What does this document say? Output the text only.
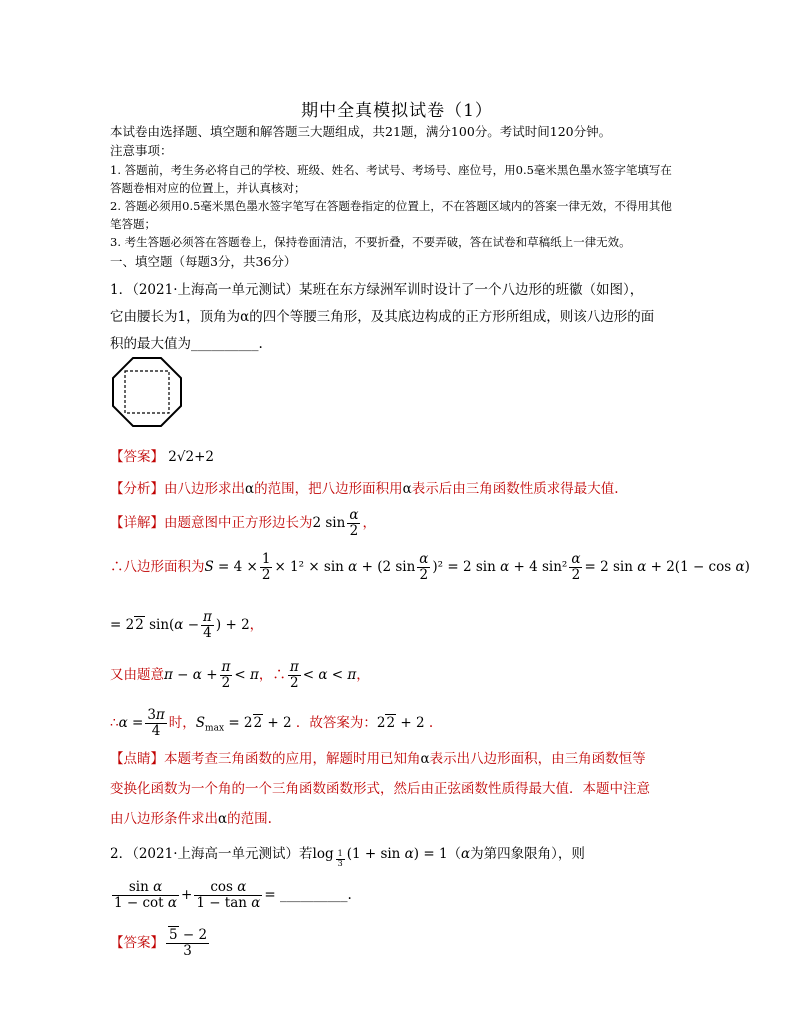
期中全真模拟试卷（1）
本试卷由选择题、填空题和解答题三大题组成，共21题，满分100分。考试时间120分钟。
注意事项：
1. 答题前，考生务必将自己的学校、班级、姓名、考试号、考场号、座位号，用0.5毫米黑色墨水签字笔填写在
答题卷相对应的位置上，并认真核对；
2. 答题必须用0.5毫米黑色墨水签字笔写在答题卷指定的位置上，不在答题区域内的答案一律无效，不得用其他
笔答题；
3. 考生答题必须答在答题卷上，保持卷面清洁，不要折叠，不要弄破，答在试卷和草稿纸上一律无效。
一、填空题（每题3分，共36分）
1．（2021·上海高一单元测试）某班在东方绿洲军训时设计了一个八边形的班徽（如图），
它由腰长为1，顶角为α的四个等腰三角形，及其底边构成的正方形所组成，则该八边形的面
积的最大值为__________.
【答案】 2√2+2
【分析】由八边形求出α的范围，把八边形面积用α表示后由三角函数性质求得最大值.
【详解】由题意图中正方形边长为2 $\sin \frac{\alpha}{2}$ ，
∴八边形面积为$S = 4 \times \frac{1}{2} \times 1^2 \times \sin \alpha + (2$ $\sin \frac{\alpha}{2} )^2 = 2$ sin α + 4 $\sin^2 \frac{\alpha}{2} = 2$ sin α + 2(1 − cos α)
= 22 $\sin(\alpha - \frac{\pi}{4}$ ) + 2，
又由题意$\pi - \alpha + \frac{\pi}{2} < \pi$，∴ $\frac{\pi}{2} < \alpha < \pi$，
∴α = $\frac{3\pi}{4}$ 时，$S_{max} = 22 + 2$ ．故答案为：22 + 2 .
【点睛】本题考查三角函数的应用，解题时用已知角α表示出八边形面积，由三角函数恒等
变换化函数为一个角的一个三角函数函数形式，然后由正弦函数性质得最大值．本题中注意
由八边形条件求出α的范围.
2．（2021·上海高一单元测试）若log $_{\frac{1}{3}}$ (1 + sin α) = 1（α为第四象限角），则
$\frac{\text{sin α}}{\text{1 − cot α}} + \frac{\text{cos α}}{\text{1 − tan α}}$ = __________.
【答案】 $\frac{5 - 2}{3}$
